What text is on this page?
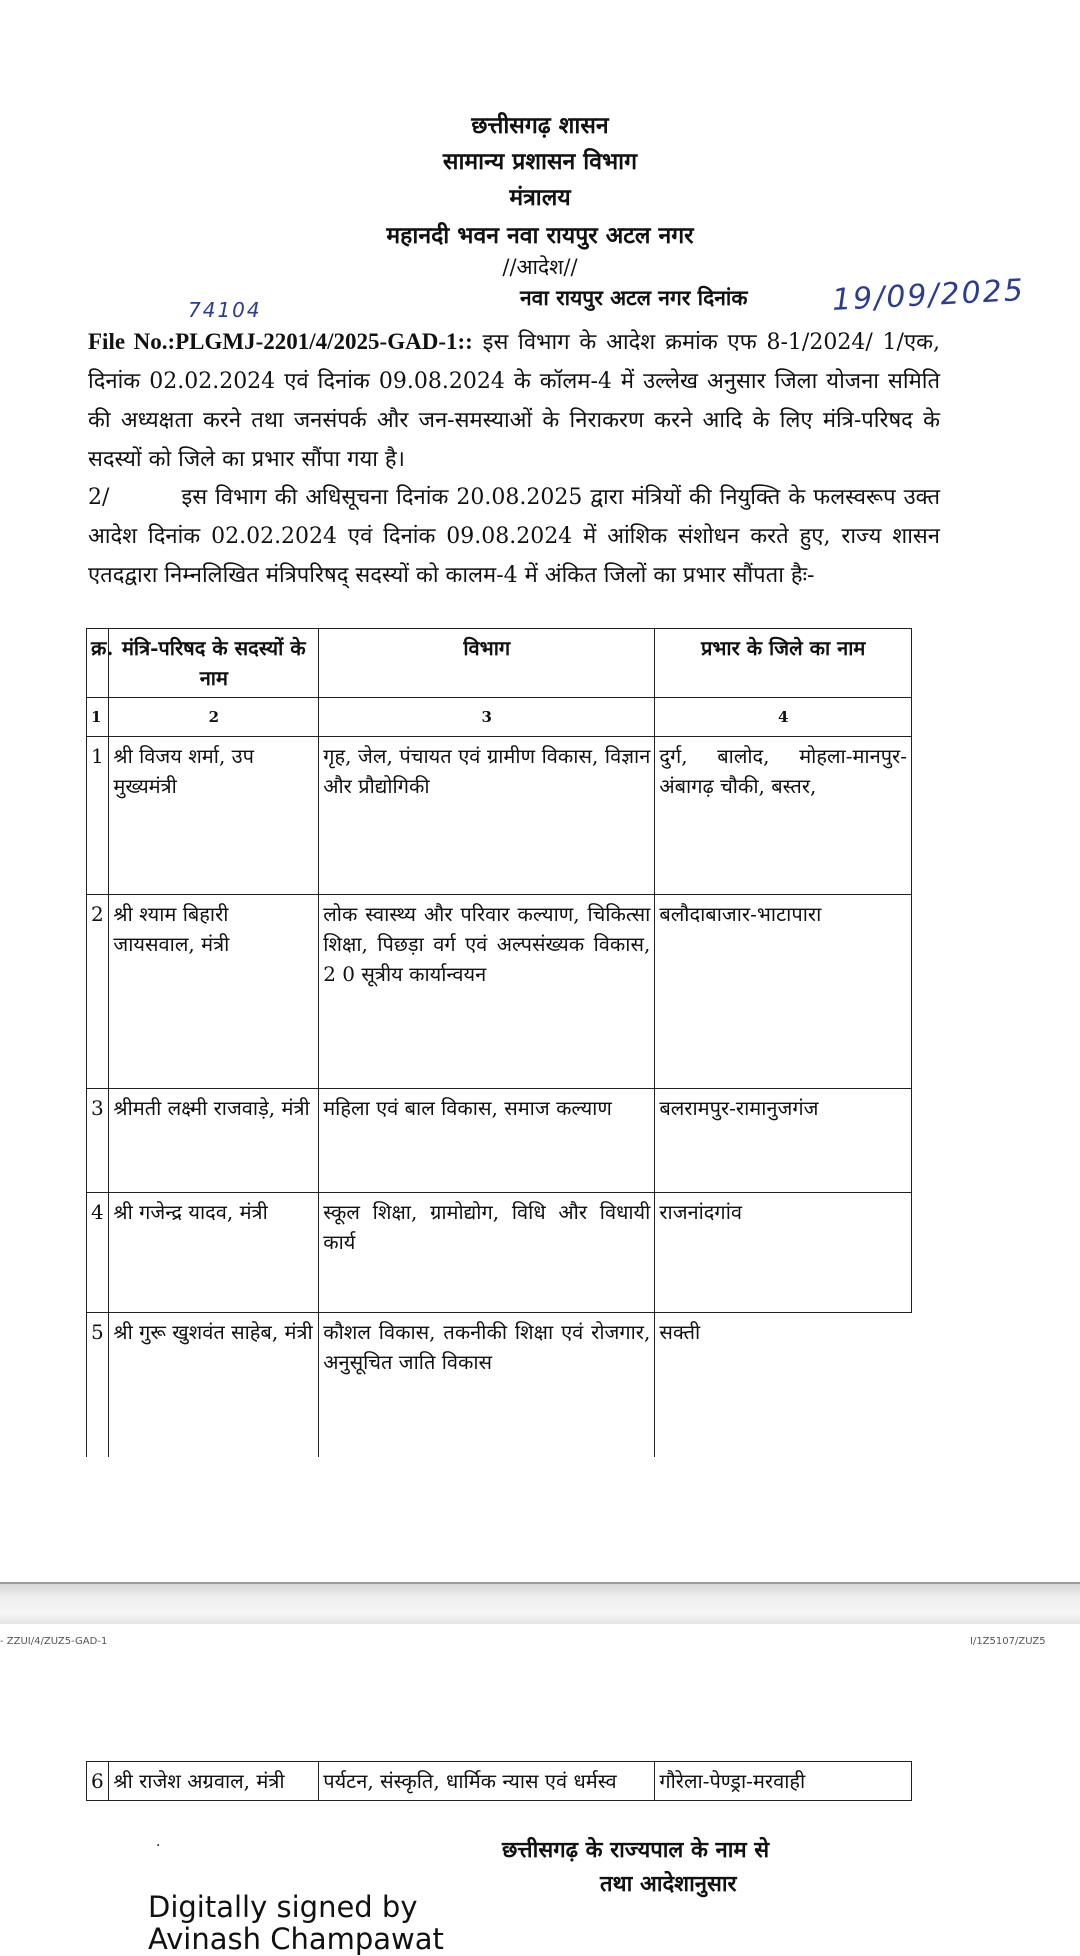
छत्तीसगढ़ शासन
सामान्य प्रशासन विभाग
मंत्रालय
महानदी भवन नवा रायपुर अटल नगर
//आदेश//
नवा रायपुर अटल नगर दिनांक	19/09/2025
74104
File No.:PLGMJ-2201/4/2025-GAD-1:: इस विभाग के आदेश क्रमांक एफ 8-1/2024/ 1/एक, दिनांक 02.02.2024 एवं दिनांक 09.08.2024 के कॉलम-4 में उल्लेख अनुसार जिला योजना समिति की अध्यक्षता करने तथा जनसंपर्क और जन-समस्याओं के निराकरण करने आदि के लिए मंत्रि-परिषद के सदस्यों को जिले का प्रभार सौंपा गया है।
2/	इस विभाग की अधिसूचना दिनांक 20.08.2025 द्वारा मंत्रियों की नियुक्ति के फलस्वरूप उक्त आदेश दिनांक 02.02.2024 एवं दिनांक 09.08.2024 में आंशिक संशोधन करते हुए, राज्य शासन एतदद्वारा निम्नलिखित मंत्रिपरिषद् सदस्यों को कालम-4 में अंकित जिलों का प्रभार सौंपता हैः-
क्र.	मंत्रि-परिषद के सदस्यों के नाम	विभाग	प्रभार के जिले का नाम
1	2	3	4
1	श्री विजय शर्मा, उप मुख्यमंत्री	गृह, जेल, पंचायत एवं ग्रामीण विकास, विज्ञान और प्रौद्योगिकी	दुर्ग, बालोद, मोहला-मानपुर-अंबागढ़ चौकी, बस्तर,
2	श्री श्याम बिहारी जायसवाल, मंत्री	लोक स्वास्थ्य और परिवार कल्याण, चिकित्सा शिक्षा, पिछड़ा वर्ग एवं अल्पसंख्यक विकास, 2 0 सूत्रीय कार्यान्वयन	बलौदाबाजार-भाटापारा
3	श्रीमती लक्ष्मी राजवाडे़, मंत्री	महिला एवं बाल विकास, समाज कल्याण	बलरामपुर-रामानुजगंज
4	श्री गजेन्द्र यादव, मंत्री	स्कूल शिक्षा, ग्रामोद्योग, विधि और विधायी कार्य	राजनांदगांव
5	श्री गुरू खुशवंत साहेब, मंत्री	कौशल विकास, तकनीकी शिक्षा एवं रोजगार, अनुसूचित जाति विकास	सक्ती
- ZZUI/4/ZUZ5-GAD-1	I/1Z5107/ZUZ5
6	श्री राजेश अग्रवाल, मंत्री	पर्यटन, संस्कृति, धार्मिक न्यास एवं धर्मस्व	गौरेला-पेण्ड्रा-मरवाही
·	छत्तीसगढ़ के राज्यपाल के नाम से
तथा आदेशानुसार
Digitally signed by
Avinash Champawat
